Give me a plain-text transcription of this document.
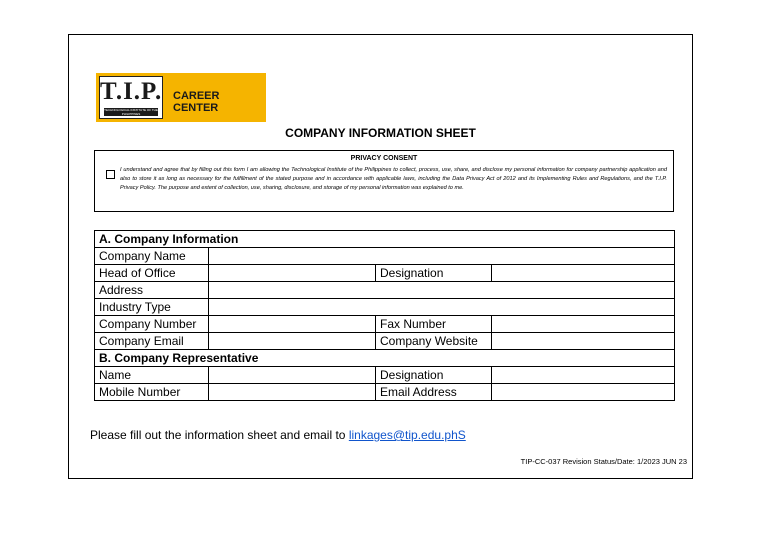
T.I.P.
TECHNOLOGICAL INSTITUTE OF THE PHILIPPINES
CAREER CENTER
COMPANY INFORMATION SHEET
PRIVACY CONSENT
I understand and agree that by filling out this form I am allowing the Technological Institute of the Philippines to collect, process, use, share, and disclose my personal information for company partnership application and also to store it as long as necessary for the fulfillment of the stated purpose and in accordance with applicable laws, including the Data Privacy Act of 2012 and its Implementing Rules and Regulations, and the T.I.P. Privacy Policy. The purpose and extent of collection, use, sharing, disclosure, and storage of my personal information was explained to me.
A. Company Information			
Company Name			
Head of Office		Designation	
Address			
Industry Type			
Company Number		Fax Number	
Company Email		Company Website	
B. Company Representative			
Name		Designation	
Mobile Number		Email Address	
Please fill out the information sheet and email to linkages@tip.edu.phS
TIP-CC-037 Revision Status/Date: 1/2023 JUN 23
